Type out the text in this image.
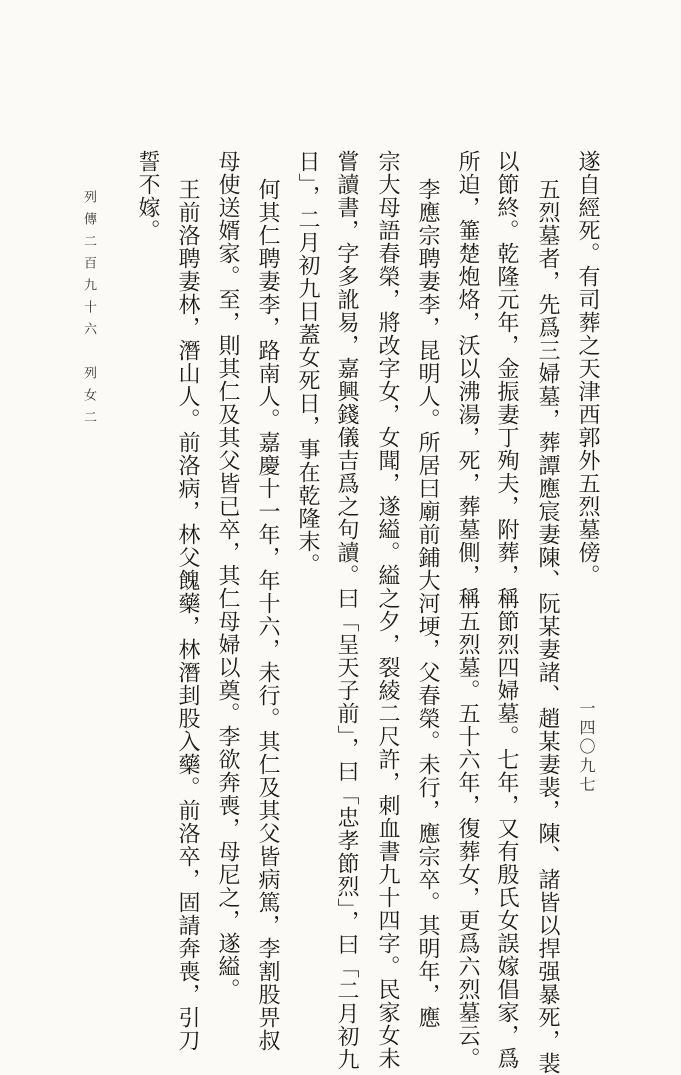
遂自經死。有司葬之天津西郭外五烈墓傍。
五烈墓者，先爲三婦墓，葬譚應宸妻陳、阮某妻諸、趙某妻裴，陳、諸皆以捍强暴死，裴
以節終。乾隆元年，金振妻丁殉夫，附葬，稱節烈四婦墓。七年，又有殷氏女誤嫁倡家，爲
所迫，箠楚炮烙，沃以沸湯，死，葬墓側，稱五烈墓。五十六年，復葬女，更爲六烈墓云。
李應宗聘妻李，昆明人。所居曰廟前鋪大河埂，父春榮。未行，應宗卒。其明年，應
宗大母語春榮，將改字女，女聞，遂縊。縊之夕，裂綾二尺許，刺血書九十四字。民家女未
嘗讀書，字多訛易，嘉興錢儀吉爲之句讀。曰「呈天子前」，曰「忠孝節烈」，曰「二月初九
日」，二月初九日蓋女死日，事在乾隆末。
何其仁聘妻李，路南人。嘉慶十一年，年十六，未行。其仁及其父皆病篤，李割股畀叔
母使送婿家。至，則其仁及其父皆已卒，其仁母婦以奠。李欲奔喪，母尼之，遂縊。
王前洛聘妻林，潛山人。前洛病，林父餽藥，林潛刲股入藥。前洛卒，固請奔喪，引刀
誓不嫁。
列傳二百九十六　列女二
一四〇九七
